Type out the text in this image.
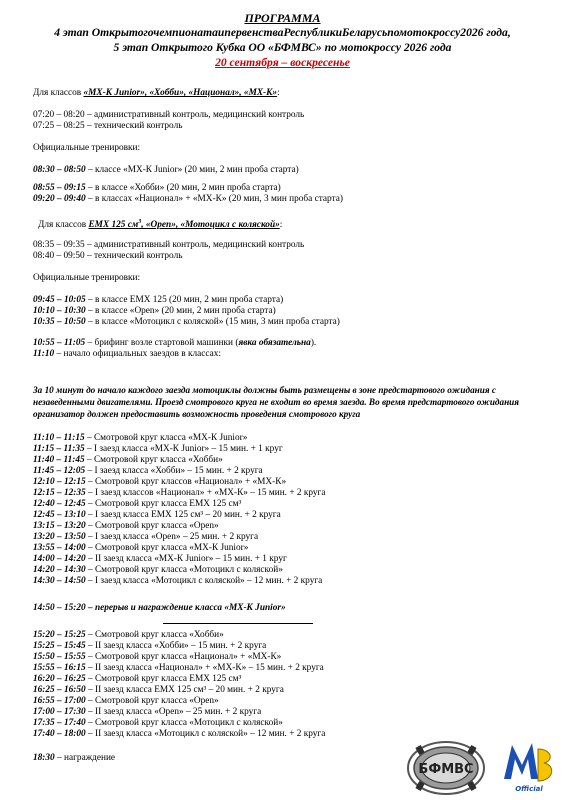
ПРОГРАММА
4 этап ОткрытогочемпионатаипервенстваРеспубликиБеларусьпомотокроссу2026 года,
5 этап Открытого Кубка ОО «БФМВС» по мотокроссу 2026 года
20 сентября – воскресенье
Для классов «МХ-К Junior», «Хобби», «Национал», «МХ-К»:
07:20 – 08:20 – административный контроль, медицинский контроль
07:25 – 08:25 – технический контроль
Официальные тренировки:
08:30 – 08:50 – классе «МХ-К Junior» (20 мин, 2 мин проба старта)
08:55 – 09:15 – в классе «Хобби» (20 мин, 2 мин проба старта)
09:20 – 09:40 – в классах «Национал» + «МХ-К» (20 мин, 3 мин проба старта)
Для классов ЕМХ 125 $см^3$, «Open», «Мотоцикл с коляской»:
08:35 – 09:35 – административный контроль, медицинский контроль
08:40 – 09:50 – технический контроль
Официальные тренировки:
09:45 – 10:05 – в классе ЕМХ 125 (20 мин, 2 мин проба старта)
10:10 – 10:30 – в классе «Open» (20 мин, 2 мин проба старта)
10:35 – 10:50 – в классе «Мотоцикл с коляской» (15 мин, 3 мин проба старта)
10:55 – 11:05 – брифинг возле стартовой машинки (явка обязательна).
11:10 – начало официальных заездов в классах:
За 10 минут до начало каждого заезда мотоциклы должны быть размещены в зоне предстартового ожидания с незаведенными двигателями. Проезд смотрового круга не входит во время заезда. Во время предстартового ожидания организатор должен предоставить возможность проведения смотрового круга
11:10 – 11:15 – Смотровой круг класса «МХ-К Junior»
11:15 – 11:35 – I заезд класса «МХ-К Junior» – 15 мин. + 1 круг
11:40 – 11:45 – Смотровой круг класса «Хобби»
11:45 – 12:05 – I заезд класса «Хобби» – 15 мин. + 2 круга
12:10 – 12:15 – Смотровой круг классов «Национал» + «МХ-К»
12:15 – 12:35 – I заезд классов «Национал» + «МХ-К» – 15 мин. + 2 круга
12:40 – 12:45 – Смотровой круг класса ЕМХ 125 см³
12:45 – 13:10 – I заезд класса ЕМХ 125 см³ – 20 мин. + 2 круга
13:15 – 13:20 – Смотровой круг класса «Open»
13:20 – 13:50 – I заезд класса «Open» – 25 мин. + 2 круга
13:55 – 14:00 – Смотровой круг класса «МХ-К Junior»
14:00 – 14:20 – II заезд класса «МХ-К Junior» – 15 мин. + 1 круг
14:20 – 14:30 – Смотровой круг класса «Мотоцикл с коляской»
14:30 – 14:50 – I заезд класса «Мотоцикл с коляской» – 12 мин. + 2 круга
14:50 – 15:20 – перерыв и награждение класса «МХ-К Junior»
15:20 – 15:25 – Смотровой круг класса «Хобби»
15:25 – 15:45 – II заезд класса «Хобби» – 15 мин. + 2 круга
15:50 – 15:55 – Смотровой круг класса «Национал» + «МХ-К»
15:55 – 16:15 – II заезд класса «Национал» + «МХ-К» – 15 мин. + 2 круга
16:20 – 16:25 – Смотровой круг класса ЕМХ 125 см³
16:25 – 16:50 – II заезд класса ЕМХ 125 см³ – 20 мин. + 2 круга
16:55 – 17:00 – Смотровой круг класса «Open»
17:00 – 17:30 – II заезд класса «Open» – 25 мин. + 2 круга
17:35 – 17:40 – Смотровой круг класса «Мотоцикл с коляской»
17:40 – 18:00 – II заезд класса «Мотоцикл с коляской» – 12 мин. + 2 круга
18:30 – награждение
БФМВС
Official
